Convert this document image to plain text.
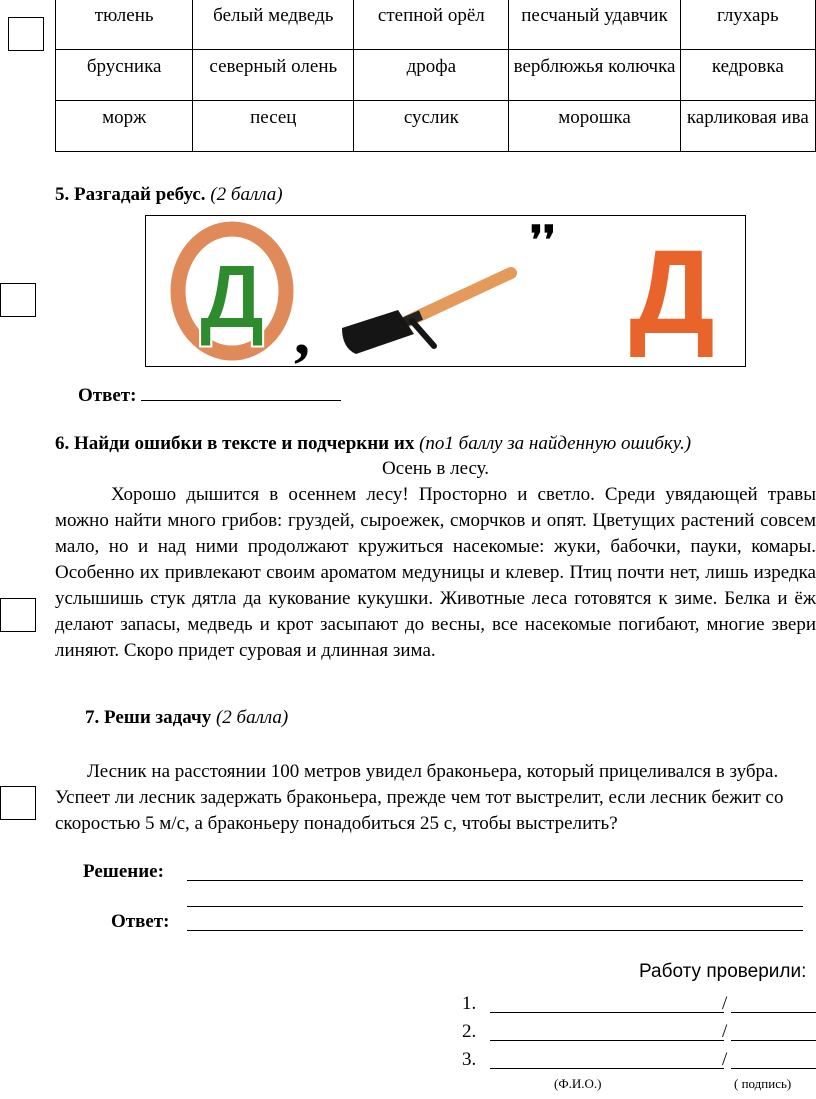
тюлень	белый медведь	степной орёл	песчаный удавчик	глухарь
брусника	северный олень	дрофа	верблюжья колючка	кедровка
морж	песец	суслик	морошка	карликовая ива
5. Разгадай ребус. (2 балла)
Д ,
❜❜ Д
Ответ:
6. Найди ошибки в тексте и подчеркни их (по1 баллу за найденную ошибку.)
Осень в лесу.
Хорошо дышится в осеннем лесу! Просторно и светло. Среди увядающей травы можно найти много грибов: груздей, сыроежек, сморчков и опят. Цветущих растений совсем мало, но и над ними продолжают кружиться насекомые: жуки, бабочки, пауки, комары. Особенно их привлекают своим ароматом медуницы и клевер. Птиц почти нет, лишь изредка услышишь стук дятла да кукование кукушки. Животные леса готовятся к зиме. Белка и ёж делают запасы, медведь и крот засыпают до весны, все насекомые погибают, многие звери линяют. Скоро придет суровая и длинная зима.
7. Реши задачу (2 балла)
Лесник на расстоянии 100 метров увидел браконьера, который прицеливался в зубра. Успеет ли лесник задержать браконьера, прежде чем тот выстрелит, если лесник бежит со скоростью 5 м/с, а браконьеру понадобиться 25 с, чтобы выстрелить?
Решение:
Ответ:
Работу проверили:
1.	/
2.	/
3.	/
(Ф.И.О.)	( подпись)
